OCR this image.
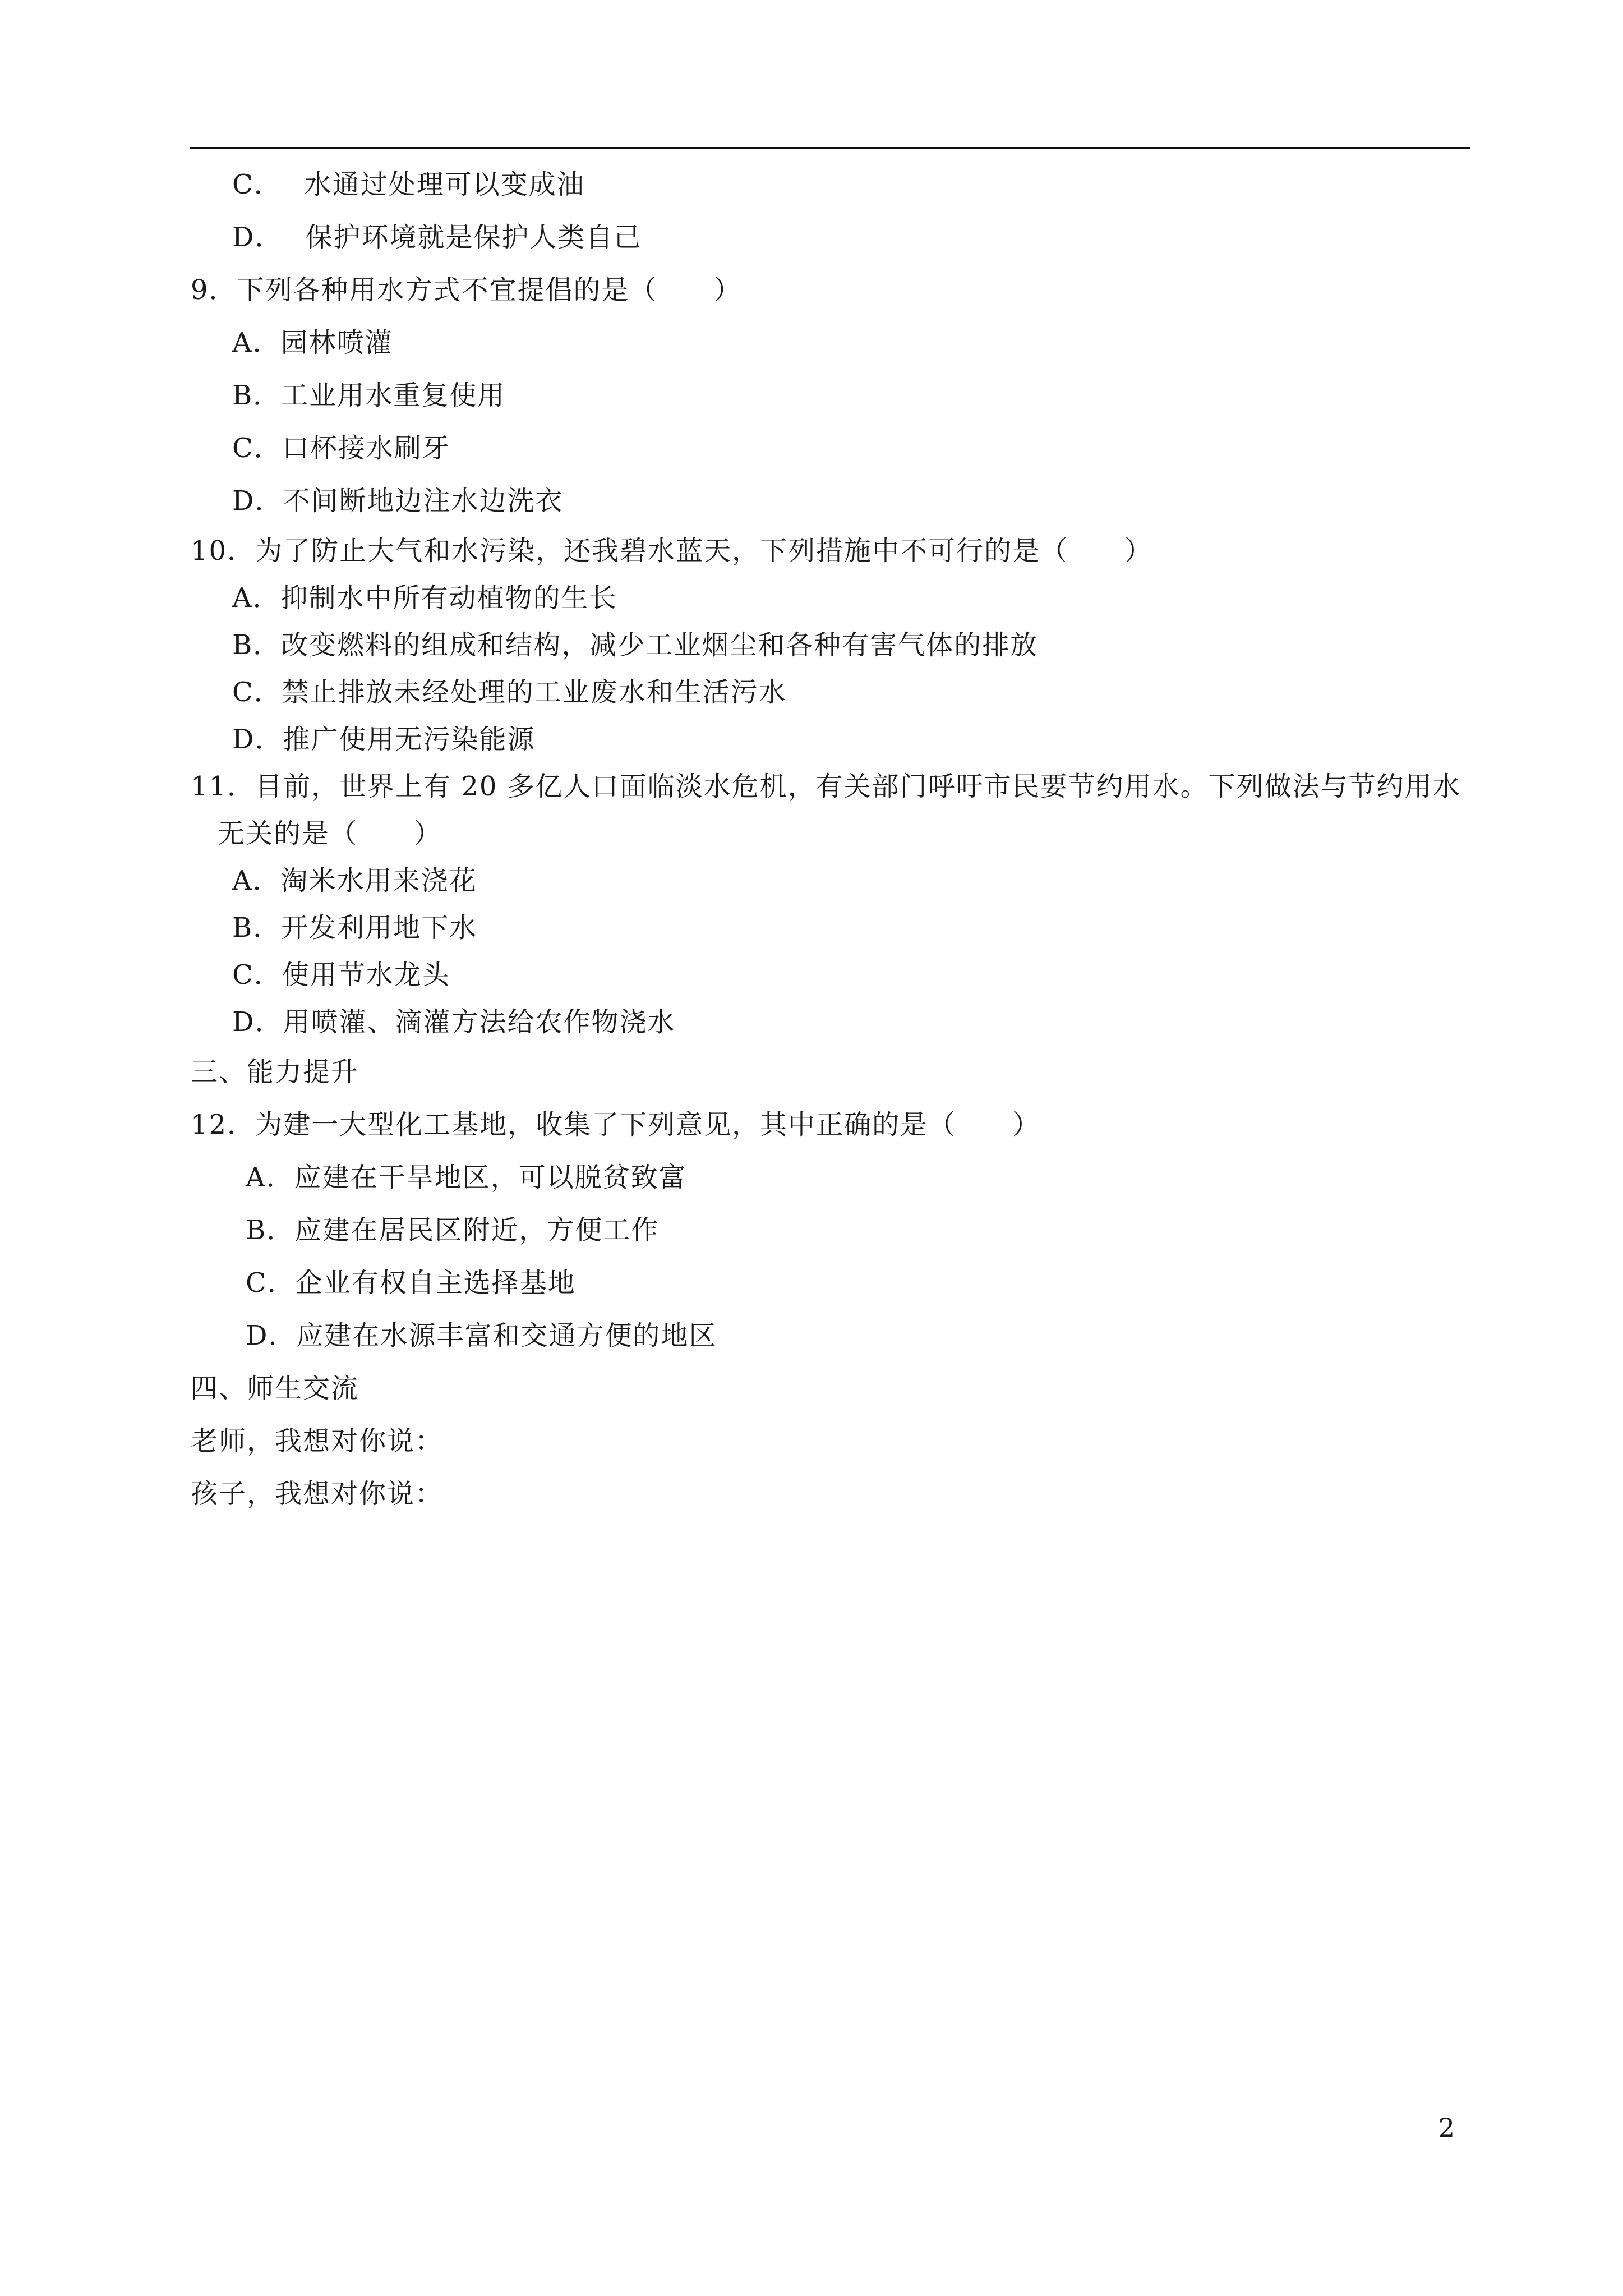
C． 水通过处理可以变成油
D． 保护环境就是保护人类自己
9．下列各种用水方式不宜提倡的是（　　）
A．园林喷灌
B．工业用水重复使用
C．口杯接水刷牙
D．不间断地边注水边洗衣
10．为了防止大气和水污染，还我碧水蓝天，下列措施中不可行的是（　　）
A．抑制水中所有动植物的生长
B．改变燃料的组成和结构，减少工业烟尘和各种有害气体的排放
C．禁止排放未经处理的工业废水和生活污水
D．推广使用无污染能源
11．目前，世界上有 20 多亿人口面临淡水危机，有关部门呼吁市民要节约用水。下列做法与节约用水
无关的是（　　）
A．淘米水用来浇花
B．开发利用地下水
C．使用节水龙头
D．用喷灌、滴灌方法给农作物浇水
三、能力提升
12．为建一大型化工基地，收集了下列意见，其中正确的是（　　）
A．应建在干旱地区，可以脱贫致富
B．应建在居民区附近，方便工作
C．企业有权自主选择基地
D．应建在水源丰富和交通方便的地区
四、师生交流
老师，我想对你说：
孩子，我想对你说：
2
